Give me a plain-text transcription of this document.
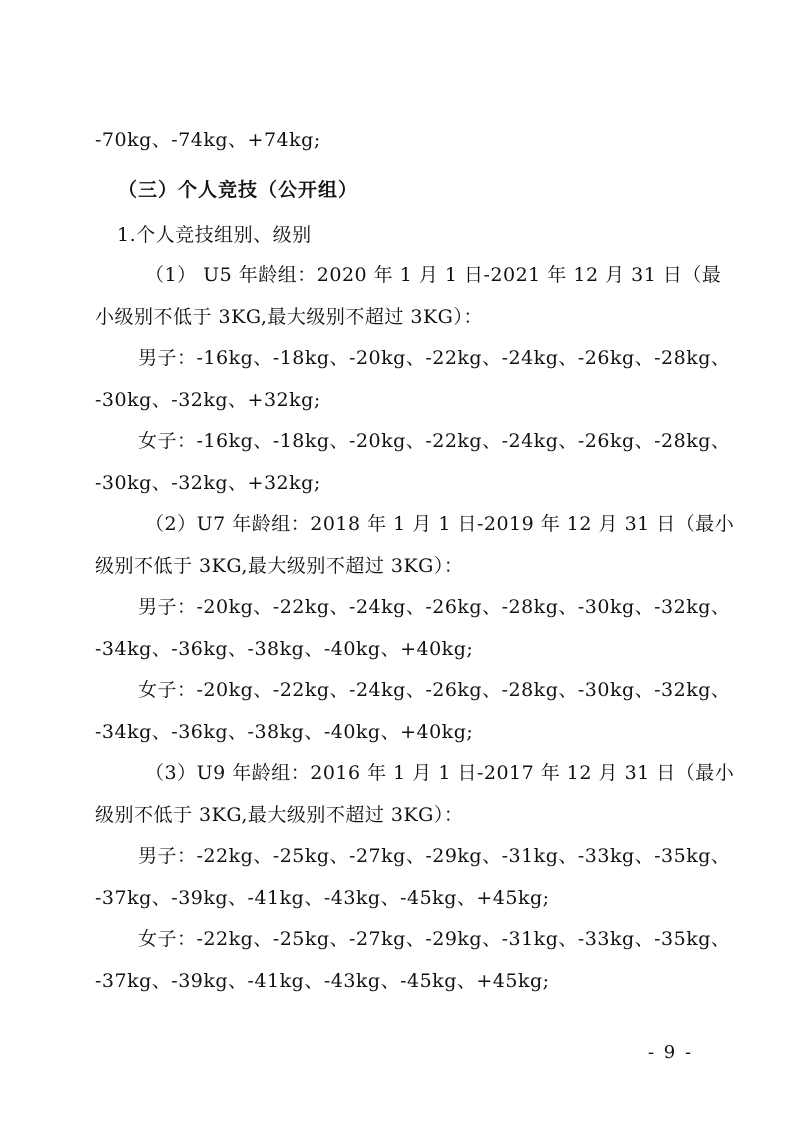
-70kg、-74kg、+74kg;
（三）个人竞技（公开组）
1.个人竞技组别、级别
（1） U5 年龄组：2020 年 1 月 1 日-2021 年 12 月 31 日（最
小级别不低于 3KG,最大级别不超过 3KG）：
男子：-16kg、-18kg、-20kg、-22kg、-24kg、-26kg、-28kg、
-30kg、-32kg、+32kg;
女子：-16kg、-18kg、-20kg、-22kg、-24kg、-26kg、-28kg、
-30kg、-32kg、+32kg;
（2）U7 年龄组：2018 年 1 月 1 日-2019 年 12 月 31 日（最小
级别不低于 3KG,最大级别不超过 3KG）：
男子：-20kg、-22kg、-24kg、-26kg、-28kg、-30kg、-32kg、
-34kg、-36kg、-38kg、-40kg、+40kg;
女子：-20kg、-22kg、-24kg、-26kg、-28kg、-30kg、-32kg、
-34kg、-36kg、-38kg、-40kg、+40kg;
（3）U9 年龄组：2016 年 1 月 1 日-2017 年 12 月 31 日（最小
级别不低于 3KG,最大级别不超过 3KG）：
男子：-22kg、-25kg、-27kg、-29kg、-31kg、-33kg、-35kg、
-37kg、-39kg、-41kg、-43kg、-45kg、+45kg;
女子：-22kg、-25kg、-27kg、-29kg、-31kg、-33kg、-35kg、
-37kg、-39kg、-41kg、-43kg、-45kg、+45kg;
- 9 -
